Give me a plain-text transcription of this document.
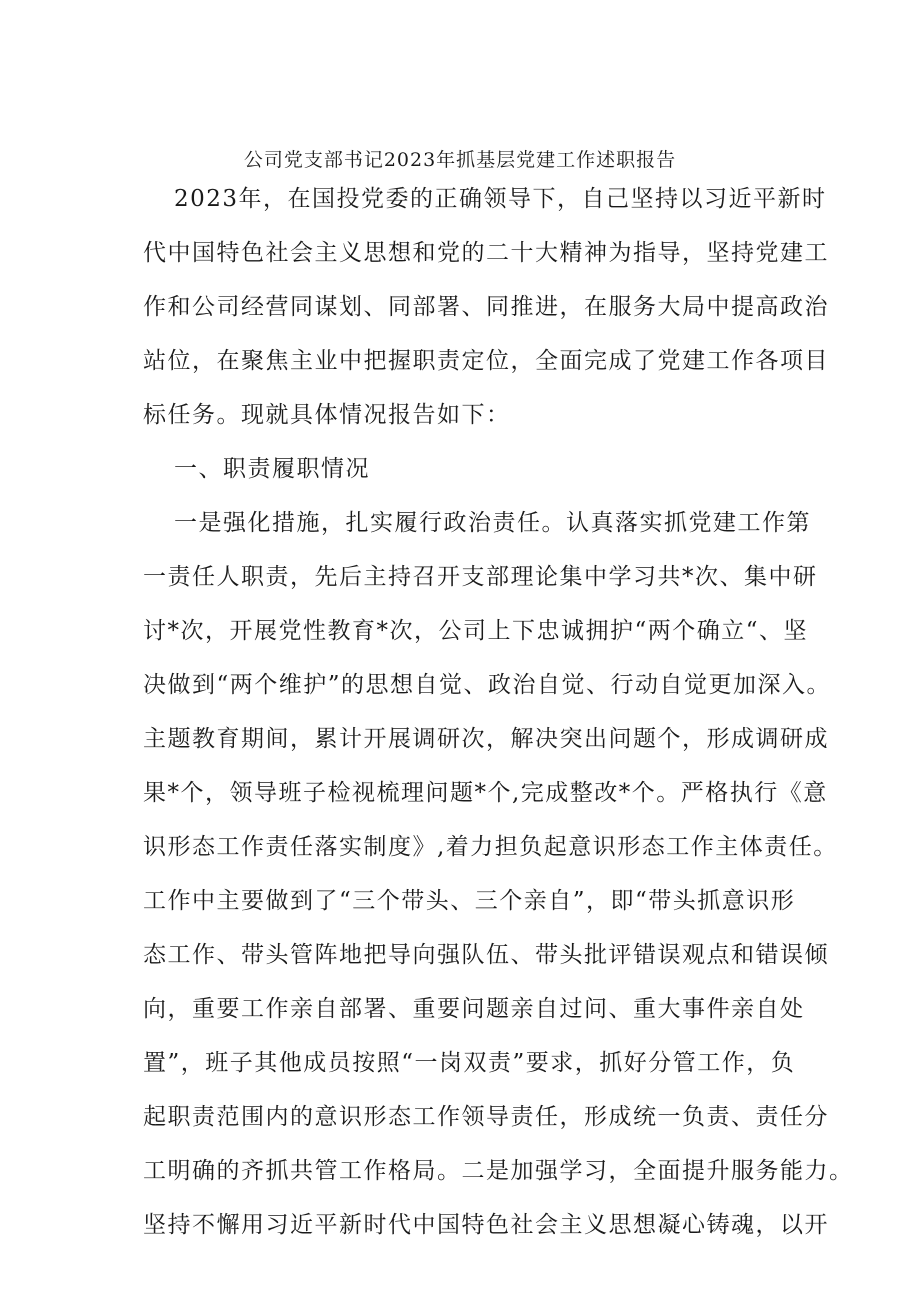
公司党支部书记2023年抓基层党建工作述职报告
2023年，在国投党委的正确领导下，自己坚持以习近平新时
代中国特色社会主义思想和党的二十大精神为指导，坚持党建工
作和公司经营同谋划、同部署、同推进，在服务大局中提高政治
站位，在聚焦主业中把握职责定位，全面完成了党建工作各项目
标任务。现就具体情况报告如下：
一、职责履职情况
一是强化措施，扎实履行政治责任。认真落实抓党建工作第
一责任人职责，先后主持召开支部理论集中学习共*次、集中研
讨*次，开展党性教育*次，公司上下忠诚拥护“两个确立“、坚
决做到“两个维护”的思想自觉、政治自觉、行动自觉更加深入。
主题教育期间，累计开展调研次，解决突出问题个，形成调研成
果*个，领导班子检视梳理问题*个,完成整改*个。严格执行《意
识形态工作责任落实制度》,着力担负起意识形态工作主体责任。
工作中主要做到了“三个带头、三个亲自”，即“带头抓意识形
态工作、带头管阵地把导向强队伍、带头批评错误观点和错误倾
向，重要工作亲自部署、重要问题亲自过问、重大事件亲自处
置”，班子其他成员按照“一岗双责”要求，抓好分管工作，负
起职责范围内的意识形态工作领导责任，形成统一负责、责任分
工明确的齐抓共管工作格局。二是加强学习，全面提升服务能力。
坚持不懈用习近平新时代中国特色社会主义思想凝心铸魂，以开
